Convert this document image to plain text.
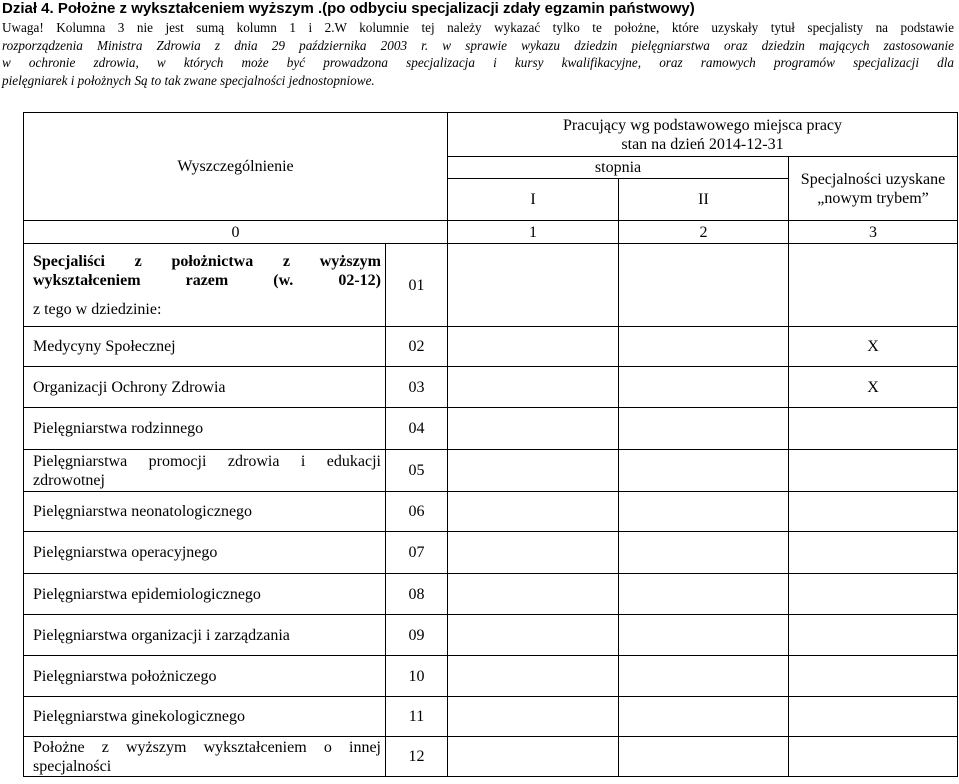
Dział 4. Położne z wykształceniem wyższym .(po odbyciu specjalizacji zdały egzamin państwowy)
Uwaga! Kolumna 3 nie jest sumą kolumn 1 i 2.W kolumnie tej należy wykazać tylko te położne, które uzyskały tytuł specjalisty na podstawie
rozporządzenia Ministra Zdrowia z dnia 29 października 2003 r. w sprawie wykazu dziedzin pielęgniarstwa oraz dziedzin mających zastosowanie
w ochronie zdrowia, w których może być prowadzona specjalizacja i kursy kwalifikacyjne, oraz ramowych programów specjalizacji dla
pielęgniarek i położnych Są to tak zwane specjalności jednostopniowe.
Wyszczególnienie		Pracujący wg podstawowego miejsca pracy
stan na dzień 2014-12-31		

		stopnia		Specjalności uzyskane „nowym trybem”
		I	II	
0		1	2	3

Specjaliści z położnictwa z wyższym wykształceniem razem (w. 02-12)
z tego w dziedzinie:	01			
Medycyny Społecznej	02			X
Organizacji Ochrony Zdrowia	03			X
Pielęgniarstwa rodzinnego	04			
Pielęgniarstwa promocji zdrowia i edukacji zdrowotnej	05			
Pielęgniarstwa neonatologicznego	06			
Pielęgniarstwa operacyjnego	07			
Pielęgniarstwa epidemiologicznego	08			
Pielęgniarstwa organizacji i zarządzania	09			
Pielęgniarstwa położniczego	10			
Pielęgniarstwa ginekologicznego	11			
Położne z wyższym wykształceniem o innej specjalności	12			
